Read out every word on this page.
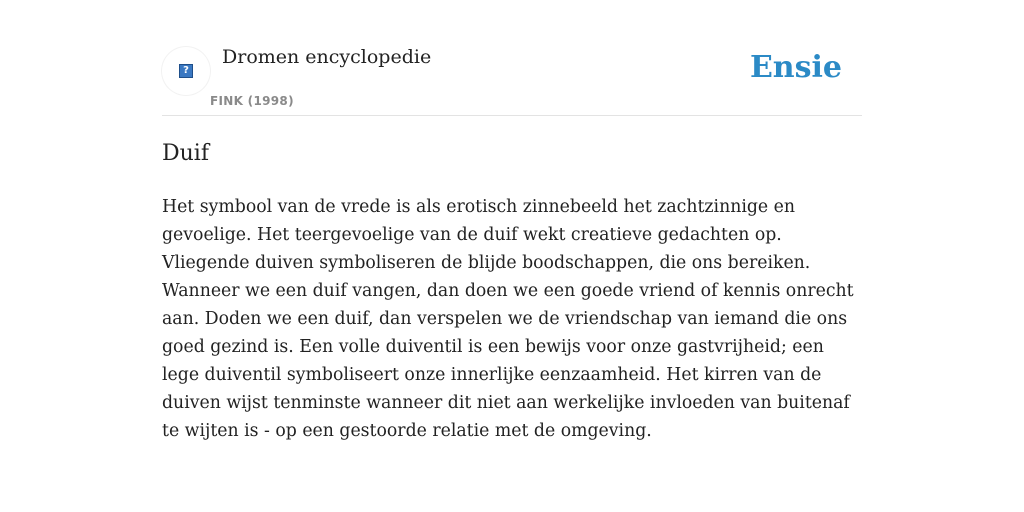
?
Dromen encyclopedie
FINK (1998)
Ensie
Duif

Het symbool van de vrede is als erotisch zinnebeeld het zachtzinnige en gevoelige. Het teergevoelige van de duif wekt creatieve gedachten op. Vliegende duiven symboliseren de blijde boodschappen, die ons bereiken. Wanneer we een duif vangen, dan doen we een goede vriend of kennis onrecht aan. Doden we een duif, dan verspelen we de vriendschap van iemand die ons goed gezind is. Een volle duiventil is een bewijs voor onze gastvrijheid; een lege duiventil symboliseert onze innerlijke eenzaamheid. Het kirren van de duiven wijst tenminste wanneer dit niet aan werkelijke invloeden van buitenaf te wijten is - op een gestoorde relatie met de omgeving.
